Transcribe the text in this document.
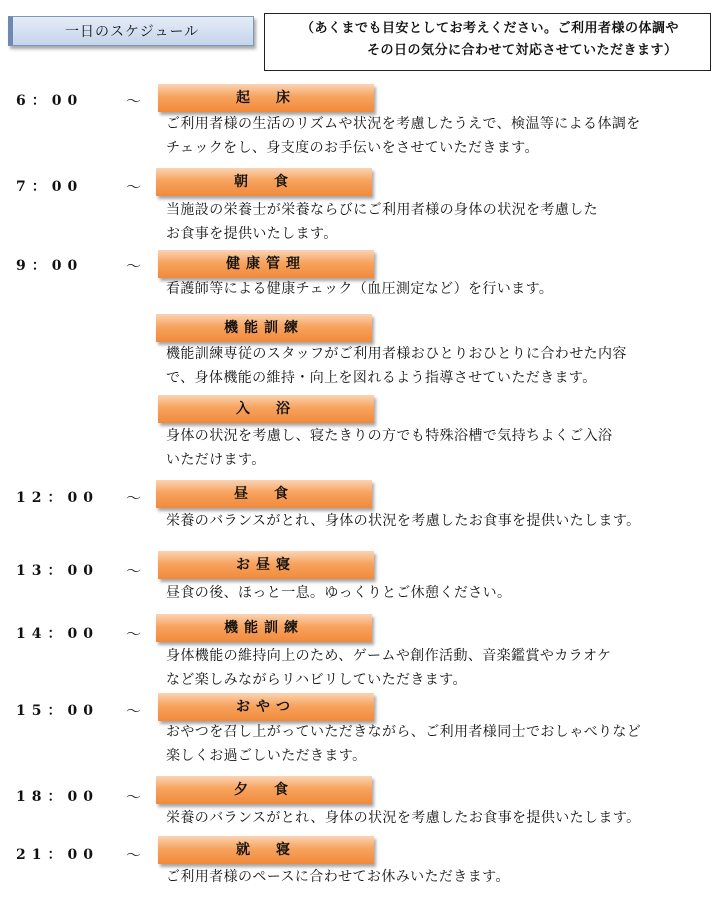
一日のスケジュール	（あくまでも目安としてお考えください。ご利用者様の体調や
その日の気分に合わせて対応させていただきます）
6：00	～	起　床
ご利用者様の生活のリズムや状況を考慮したうえで、検温等による体調を
チェックをし、身支度のお手伝いをさせていただきます。
7：00	～	朝　食
当施設の栄養士が栄養ならびにご利用者様の身体の状況を考慮した
お食事を提供いたします。
9：00	～	健康管理
看護師等による健康チェック（血圧測定など）を行います。
機能訓練
機能訓練専従のスタッフがご利用者様おひとりおひとりに合わせた内容
で、身体機能の維持・向上を図れるよう指導させていただきます。
入　浴
身体の状況を考慮し、寝たきりの方でも特殊浴槽で気持ちよくご入浴
いただけます。
12：00	～	昼　食
栄養のバランスがとれ、身体の状況を考慮したお食事を提供いたします。
13：00	～	お昼寝
昼食の後、ほっと一息。ゆっくりとご休憩ください。
14：00	～	機能訓練
身体機能の維持向上のため、ゲームや創作活動、音楽鑑賞やカラオケ
など楽しみながらリハビリしていただきます。
15：00	～	おやつ
おやつを召し上がっていただきながら、ご利用者様同士でおしゃべりなど
楽しくお過ごしいただきます。
18：00	～	夕　食
栄養のバランスがとれ、身体の状況を考慮したお食事を提供いたします。
21：00	～	就　寝
ご利用者様のペースに合わせてお休みいただきます。
